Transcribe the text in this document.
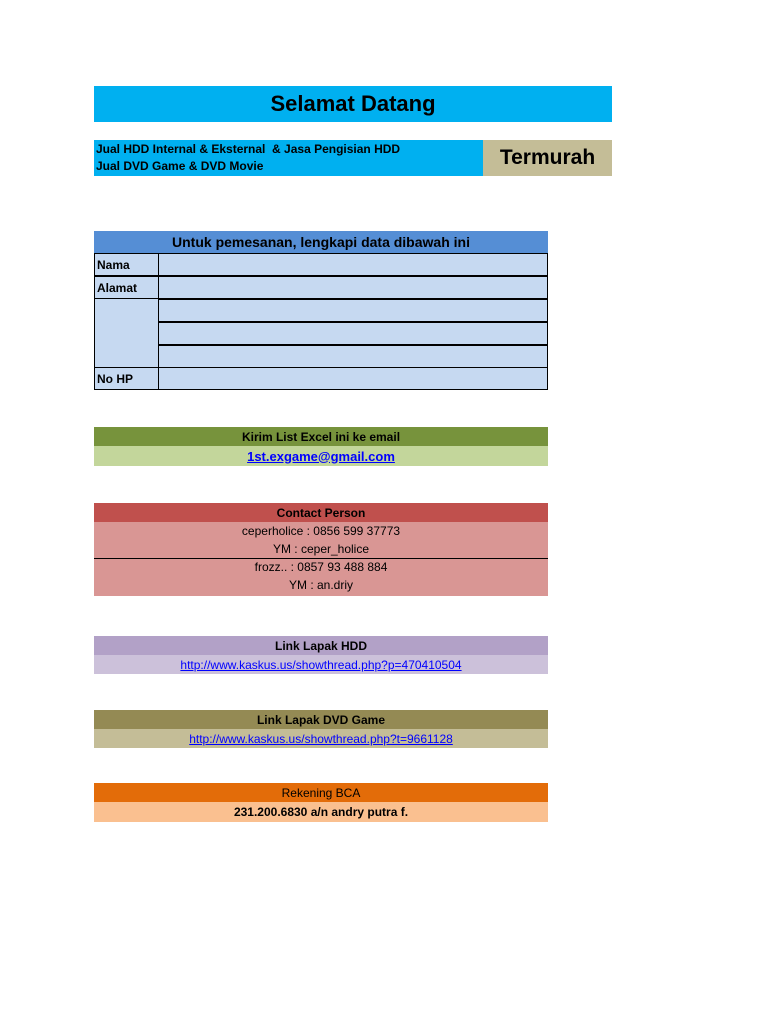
Selamat Datang
Jual HDD Internal & Eksternal  & Jasa Pengisian HDD
Jual DVD Game & DVD Movie	Termurah
Untuk pemesanan, lengkapi data dibawah ini
Nama
Alamat
No HP
Kirim List Excel ini ke email
1st.exgame@gmail.com
Contact Person
ceperholice : 0856 599 37773
YM : ceper_holice
frozz.. : 0857 93 488 884
YM : an.driy
Link Lapak HDD
http://www.kaskus.us/showthread.php?p=470410504
Link Lapak DVD Game
http://www.kaskus.us/showthread.php?t=9661128
Rekening BCA
231.200.6830 a/n andry putra f.
